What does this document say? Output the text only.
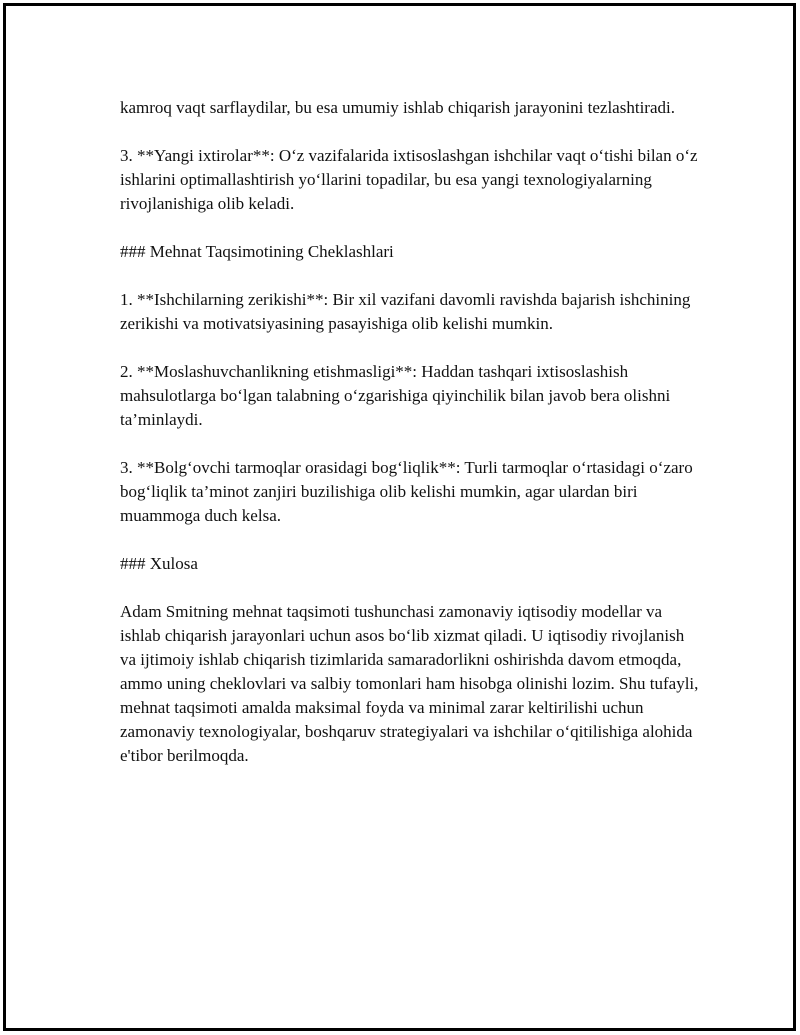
kamroq vaqt sarflaydilar, bu esa umumiy ishlab chiqarish jarayonini tezlashtiradi.

3. **Yangi ixtirolar**: O‘z vazifalarida ixtisoslashgan ishchilar vaqt o‘tishi bilan o‘z ishlarini optimallashtirish yo‘llarini topadilar, bu esa yangi texnologiyalarning rivojlanishiga olib keladi.

### Mehnat Taqsimotining Cheklashlari

1. **Ishchilarning zerikishi**: Bir xil vazifani davomli ravishda bajarish ishchining zerikishi va motivatsiyasining pasayishiga olib kelishi mumkin.

2. **Moslashuvchanlikning etishmasligi**: Haddan tashqari ixtisoslashish mahsulotlarga bo‘lgan talabning o‘zgarishiga qiyinchilik bilan javob bera olishni ta’minlaydi.

3. **Bolg‘ovchi tarmoqlar orasidagi bog‘liqlik**: Turli tarmoqlar o‘rtasidagi o‘zaro bog‘liqlik ta’minot zanjiri buzilishiga olib kelishi mumkin, agar ulardan biri muammoga duch kelsa.

### Xulosa

Adam Smitning mehnat taqsimoti tushunchasi zamonaviy iqtisodiy modellar va ishlab chiqarish jarayonlari uchun asos bo‘lib xizmat qiladi. U iqtisodiy rivojlanish va ijtimoiy ishlab chiqarish tizimlarida samaradorlikni oshirishda davom etmoqda, ammo uning cheklovlari va salbiy tomonlari ham hisobga olinishi lozim. Shu tufayli, mehnat taqsimoti amalda maksimal foyda va minimal zarar keltirilishi uchun zamonaviy texnologiyalar, boshqaruv strategiyalari va ishchilar o‘qitilishiga alohida e'tibor berilmoqda.
